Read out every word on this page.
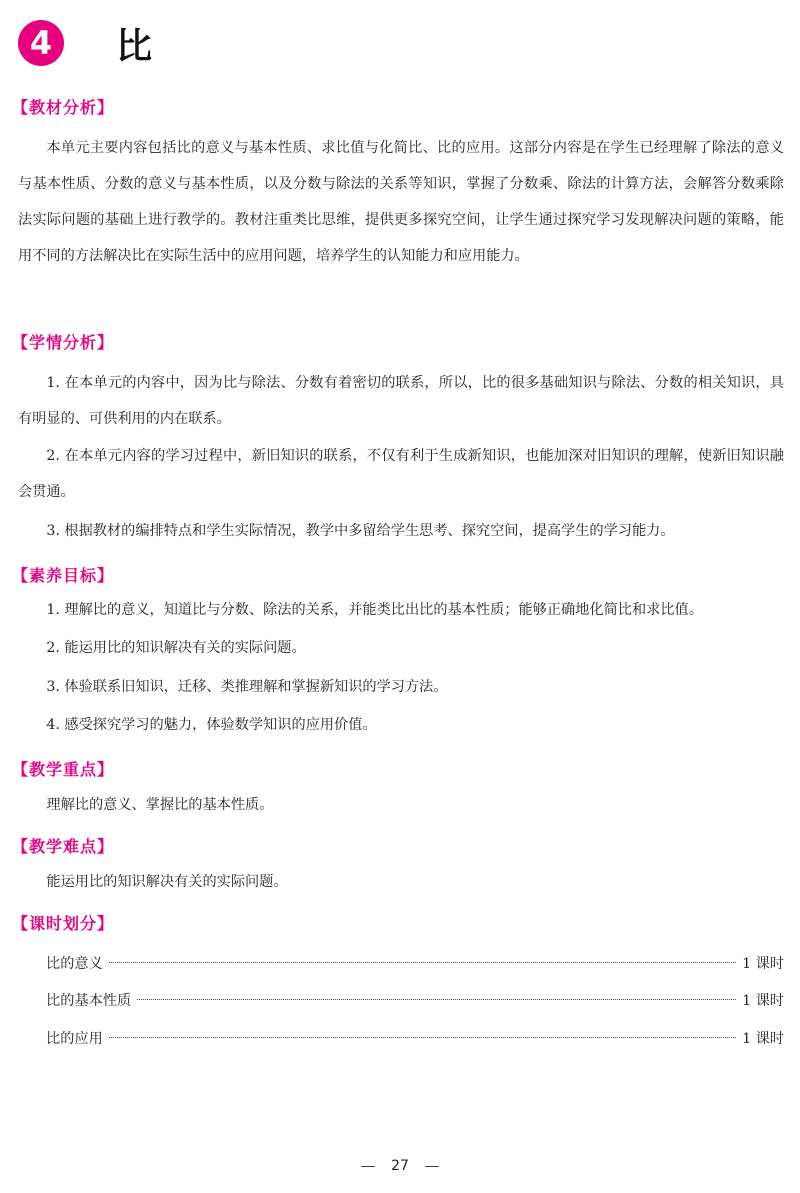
4	比
【教材分析】
本单元主要内容包括比的意义与基本性质、求比值与化简比、比的应用。这部分内容是在学生已经理解了除法的意义与基本性质、分数的意义与基本性质，以及分数与除法的关系等知识，掌握了分数乘、除法的计算方法，会解答分数乘除法实际问题的基础上进行教学的。教材注重类比思维，提供更多探究空间，让学生通过探究学习发现解决问题的策略，能用不同的方法解决比在实际生活中的应用问题，培养学生的认知能力和应用能力。
【学情分析】
1. 在本单元的内容中，因为比与除法、分数有着密切的联系，所以，比的很多基础知识与除法、分数的相关知识，具有明显的、可供利用的内在联系。
2. 在本单元内容的学习过程中，新旧知识的联系，不仅有利于生成新知识，也能加深对旧知识的理解，使新旧知识融会贯通。
3. 根据教材的编排特点和学生实际情况，教学中多留给学生思考、探究空间，提高学生的学习能力。
【素养目标】
1. 理解比的意义，知道比与分数、除法的关系，并能类比出比的基本性质；能够正确地化简比和求比值。
2. 能运用比的知识解决有关的实际问题。
3. 体验联系旧知识，迁移、类推理解和掌握新知识的学习方法。
4. 感受探究学习的魅力，体验数学知识的应用价值。
【教学重点】
理解比的意义、掌握比的基本性质。
【教学难点】
能运用比的知识解决有关的实际问题。
【课时划分】
比的意义	1 课时
比的基本性质	1 课时
比的应用	1 课时
27
